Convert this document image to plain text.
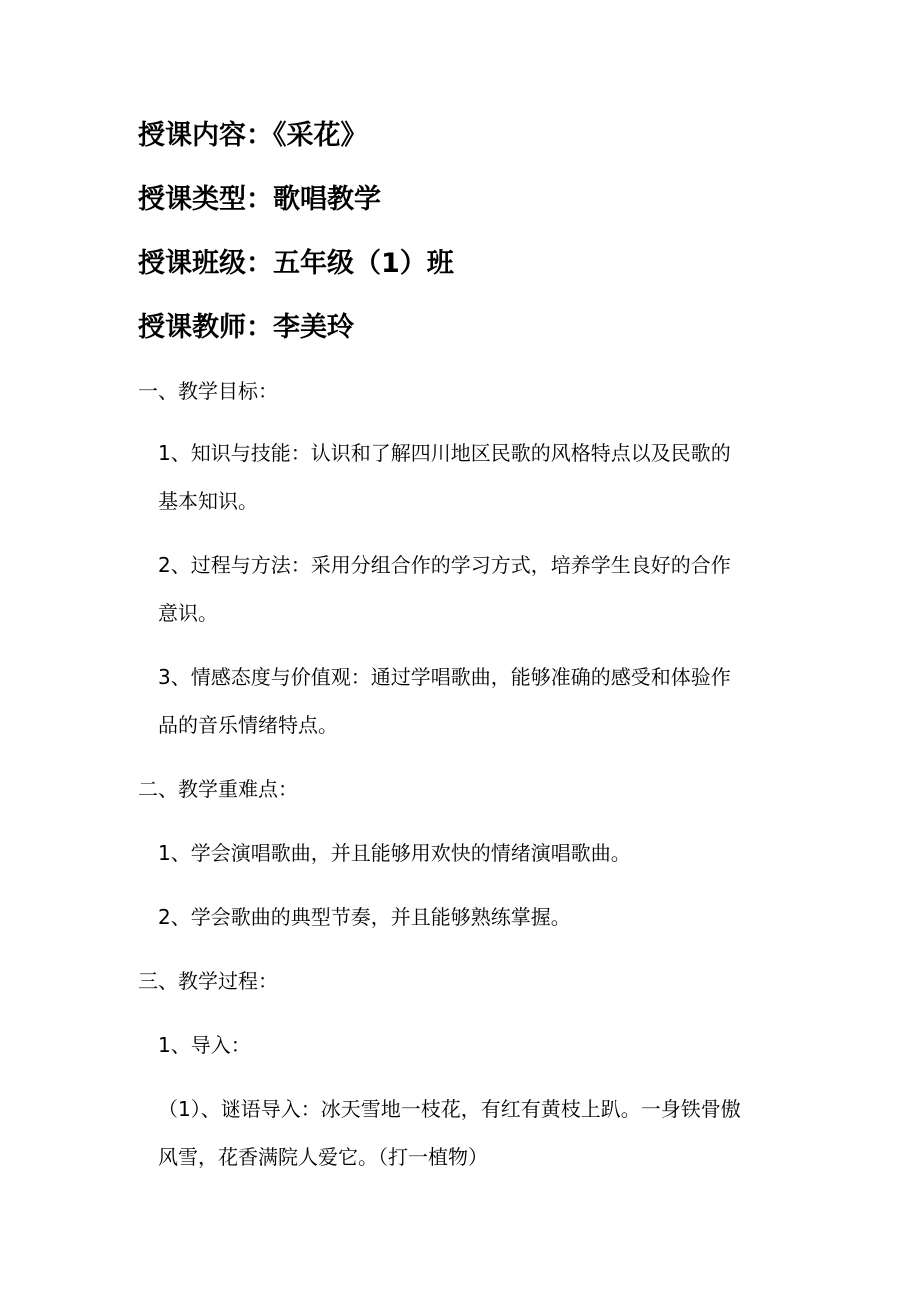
授课内容：《采花》
授课类型：歌唱教学
授课班级：五年级（1）班
授课教师：李美玲
一、教学目标：
1、知识与技能：认识和了解四川地区民歌的风格特点以及民歌的
基本知识。
2、过程与方法：采用分组合作的学习方式，培养学生良好的合作
意识。
3、情感态度与价值观：通过学唱歌曲，能够准确的感受和体验作
品的音乐情绪特点。
二、教学重难点：
1、学会演唱歌曲，并且能够用欢快的情绪演唱歌曲。
2、学会歌曲的典型节奏，并且能够熟练掌握。
三、教学过程：
1、导入：
（1）、谜语导入：冰天雪地一枝花，有红有黄枝上趴。一身铁骨傲
风雪，花香满院人爱它。（打一植物）
